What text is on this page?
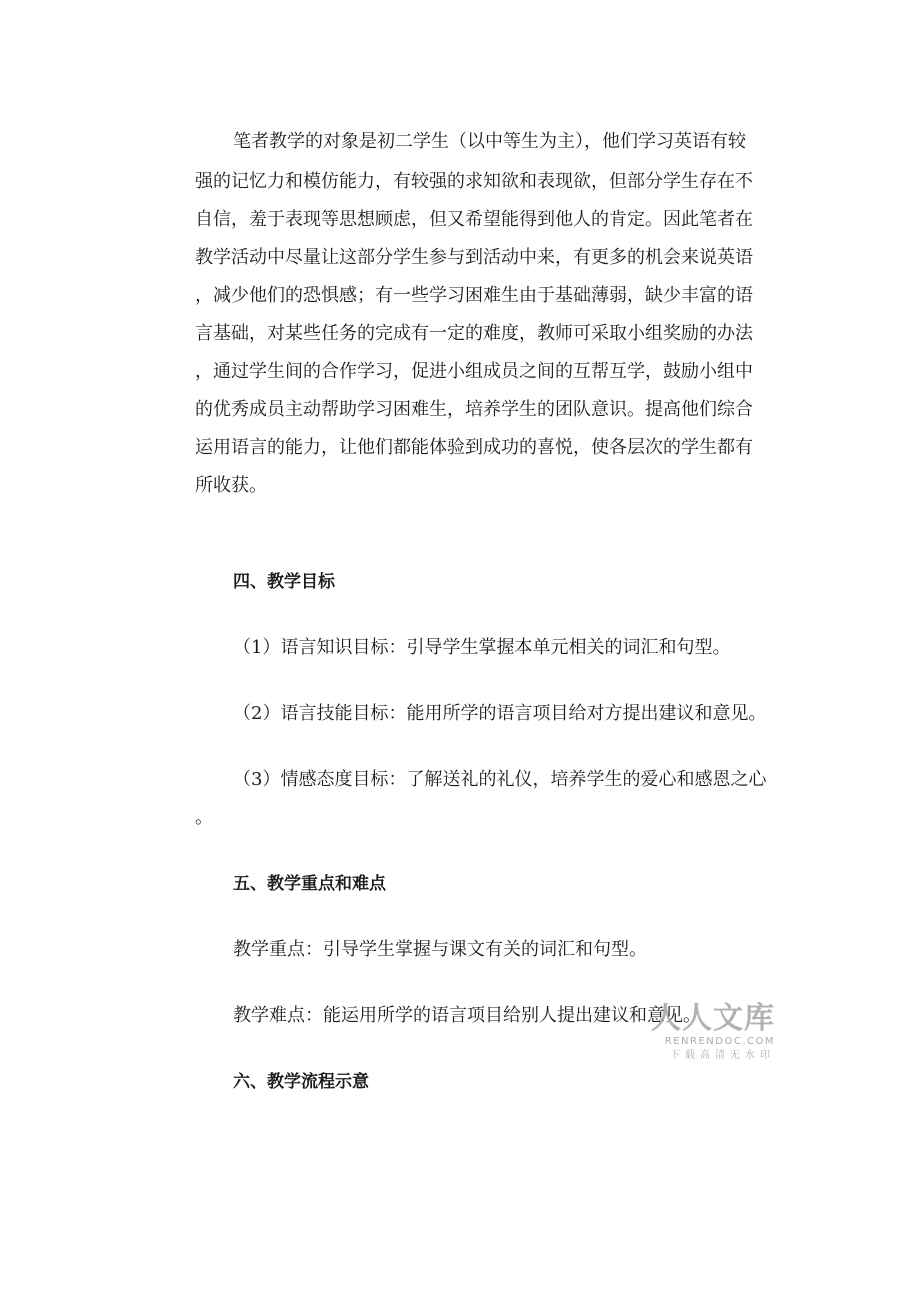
笔者教学的对象是初二学生（以中等生为主），他们学习英语有较
强的记忆力和模仿能力，有较强的求知欲和表现欲，但部分学生存在不
自信，羞于表现等思想顾虑，但又希望能得到他人的肯定。因此笔者在
教学活动中尽量让这部分学生参与到活动中来，有更多的机会来说英语
，减少他们的恐惧感；有一些学习困难生由于基础薄弱，缺少丰富的语
言基础，对某些任务的完成有一定的难度，教师可采取小组奖励的办法
，通过学生间的合作学习，促进小组成员之间的互帮互学，鼓励小组中
的优秀成员主动帮助学习困难生，培养学生的团队意识。提高他们综合
运用语言的能力，让他们都能体验到成功的喜悦，使各层次的学生都有
所收获。
四、教学目标
（1）语言知识目标：引导学生掌握本单元相关的词汇和句型。
（2）语言技能目标：能用所学的语言项目给对方提出建议和意见。
（3）情感态度目标：了解送礼的礼仪，培养学生的爱心和感恩之心
。
五、教学重点和难点
教学重点：引导学生掌握与课文有关的词汇和句型。
教学难点：能运用所学的语言项目给别人提出建议和意见。
六、教学流程示意
人人文库
RENRENDOC.COM
下载高清无水印
